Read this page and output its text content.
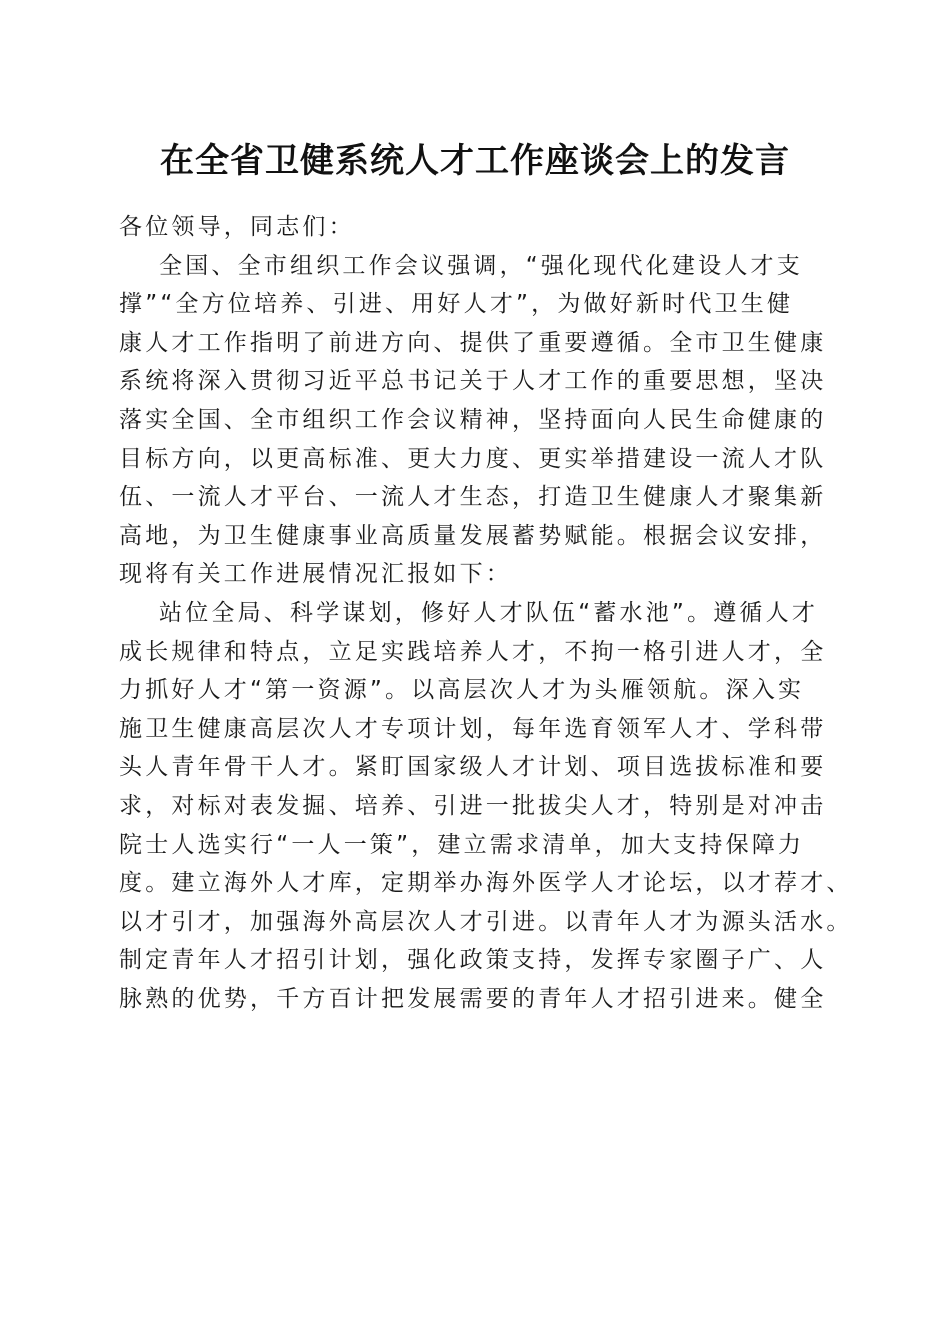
在全省卫健系统人才工作座谈会上的发言
各位领导，同志们：
全国、全市组织工作会议强调，“强化现代化建设人才支
撑”“全方位培养、引进、用好人才”，为做好新时代卫生健
康人才工作指明了前进方向、提供了重要遵循。全市卫生健康
系统将深入贯彻习近平总书记关于人才工作的重要思想，坚决
落实全国、全市组织工作会议精神，坚持面向人民生命健康的
目标方向，以更高标准、更大力度、更实举措建设一流人才队
伍、一流人才平台、一流人才生态，打造卫生健康人才聚集新
高地，为卫生健康事业高质量发展蓄势赋能。根据会议安排，
现将有关工作进展情况汇报如下：
站位全局、科学谋划，修好人才队伍“蓄水池”。遵循人才
成长规律和特点，立足实践培养人才，不拘一格引进人才，全
力抓好人才“第一资源”。以高层次人才为头雁领航。深入实
施卫生健康高层次人才专项计划，每年选育领军人才、学科带
头人青年骨干人才。紧盯国家级人才计划、项目选拔标准和要
求，对标对表发掘、培养、引进一批拔尖人才，特别是对冲击
院士人选实行“一人一策”，建立需求清单，加大支持保障力
度。建立海外人才库，定期举办海外医学人才论坛，以才荐才、
以才引才，加强海外高层次人才引进。以青年人才为源头活水。
制定青年人才招引计划，强化政策支持，发挥专家圈子广、人
脉熟的优势，千方百计把发展需要的青年人才招引进来。健全
